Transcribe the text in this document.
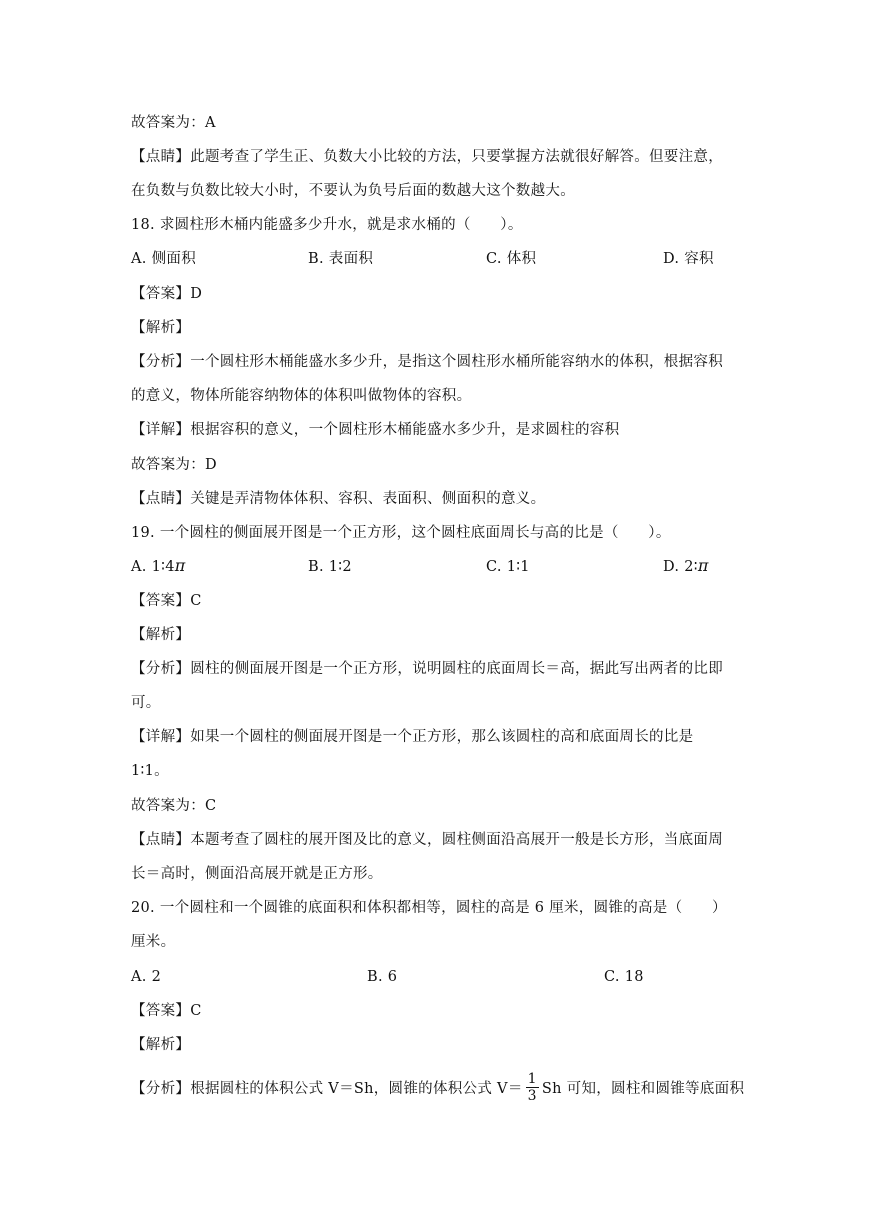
故答案为：A
【点睛】此题考查了学生正、负数大小比较的方法，只要掌握方法就很好解答。但要注意，
在负数与负数比较大小时，不要认为负号后面的数越大这个数越大。
18. 求圆柱形木桶内能盛多少升水，就是求水桶的（　　）。
A. 侧面积	B. 表面积	C. 体积	D. 容积
【答案】D
【解析】
【分析】一个圆柱形木桶能盛水多少升，是指这个圆柱形水桶所能容纳水的体积，根据容积
的意义，物体所能容纳物体的体积叫做物体的容积。
【详解】根据容积的意义，一个圆柱形木桶能盛水多少升，是求圆柱的容积
故答案为：D
【点睛】关键是弄清物体体积、容积、表面积、侧面积的意义。
19. 一个圆柱的侧面展开图是一个正方形，这个圆柱底面周长与高的比是（　　）。
A. 1∶4π	B. 1∶2	C. 1∶1	D. 2∶π
【答案】C
【解析】
【分析】圆柱的侧面展开图是一个正方形，说明圆柱的底面周长＝高，据此写出两者的比即
可。
【详解】如果一个圆柱的侧面展开图是一个正方形，那么该圆柱的高和底面周长的比是
1∶1。
故答案为：C
【点睛】本题考查了圆柱的展开图及比的意义，圆柱侧面沿高展开一般是长方形，当底面周
长＝高时，侧面沿高展开就是正方形。
20. 一个圆柱和一个圆锥的底面积和体积都相等，圆柱的高是 6 厘米，圆锥的高是（　　）
厘米。
A. 2	B. 6	C. 18
【答案】C
【解析】
【分析】根据圆柱的体积公式 V＝Sh，圆锥的体积公式 $V= \frac{1}{3}$ Sh 可知，圆柱和圆锥等底面积
